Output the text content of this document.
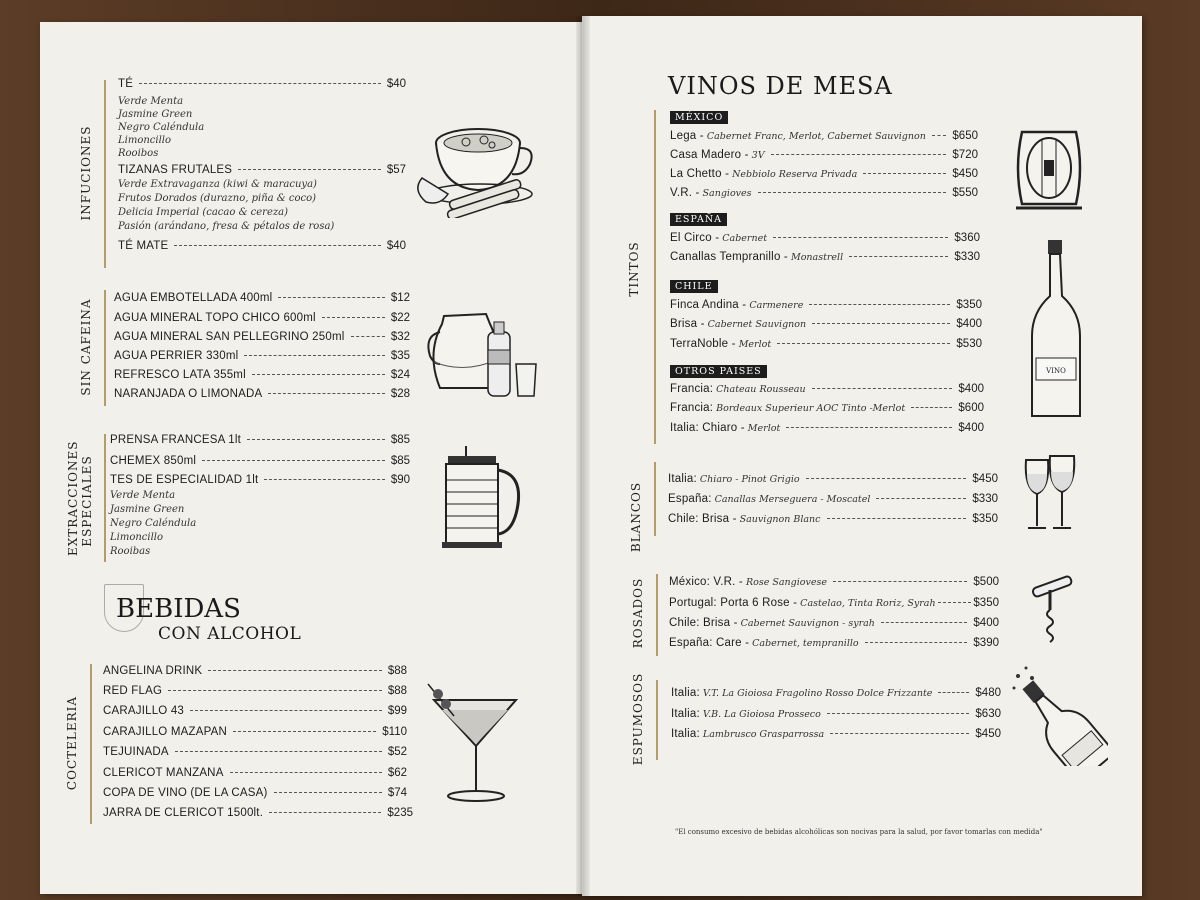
INFUCIONES
TÉ	$40
Verde Menta
Jasmine Green
Negro Caléndula
Limoncillo
Rooibos
TIZANAS FRUTALES	$57
Verde Extravaganza (kiwi & maracuya)
Frutos Dorados (durazno, piña & coco)
Delicia Imperial (cacao & cereza)
Pasión (arándano, fresa & pétalos de rosa)
TÉ MATE	$40
SIN CAFEINA
AGUA EMBOTELLADA 400ml	$12
AGUA MINERAL TOPO CHICO 600ml	$22
AGUA MINERAL SAN PELLEGRINO 250ml	$32
AGUA PERRIER 330ml	$35
REFRESCO LATA 355ml	$24
NARANJADA O LIMONADA	$28
EXTRACCIONES ESPECIALES
PRENSA FRANCESA 1lt	$85
CHEMEX 850ml	$85
TES DE ESPECIALIDAD 1lt	$90
Verde Menta
Jasmine Green
Negro Caléndula
Limoncillo
Rooibas
BEBIDAS
CON ALCOHOL
COCTELERIA
ANGELINA DRINK	$88
RED FLAG	$88
CARAJILLO 43	$99
CARAJILLO MAZAPAN	$110
TEJUINADA	$52
CLERICOT MANZANA	$62
COPA DE VINO (DE LA CASA)	$74
JARRA DE CLERICOT 1500lt.	$235
VINOS DE MESA
TINTOS
MÉXICO
Lega - Cabernet Franc, Merlot, Cabernet Sauvignon $650
Casa Madero - 3V	$720
La Chetto - Nebbiolo Reserva Privada	$450
V.R. - Sangioves	$550
ESPAÑA
El Circo - Cabernet	$360
Canallas Tempranillo - Monastrell	$330
CHILE
Finca Andina - Carmenere	$350
Brisa - Cabernet Sauvignon	$400
TerraNoble - Merlot	$530
OTROS PAISES
Francia: Chateau Rousseau	$400
Francia: Bordeaux Superieur AOC Tinto -Merlot	$600
Italia: Chiaro - Merlot	$400
VINO
BLANCOS
Italia: Chiaro - Pinot Grigio	$450
España: Canallas Merseguera - Moscatel	$330
Chile: Brisa - Sauvignon Blanc	$350
ROSADOS México: V.R. - Rose Sangiovese	$500
Portugal: Porta 6 Rose - Castelao, Tinta Roriz, Syrah	$350
Chile: Brisa - Cabernet Sauvignon - syrah	$400
España: Care - Cabernet, tempranillo	$390
ESPUMOSOS Italia: V.T. La Gioiosa Fragolino Rosso Dolce Frizzante	$480
Italia: V.B. La Gioiosa Prosseco	$630
Italia: Lambrusco Grasparrossa	$450
"El consumo excesivo de bebidas alcohólicas son nocivas para la salud, por favor tomarlas con medida"
